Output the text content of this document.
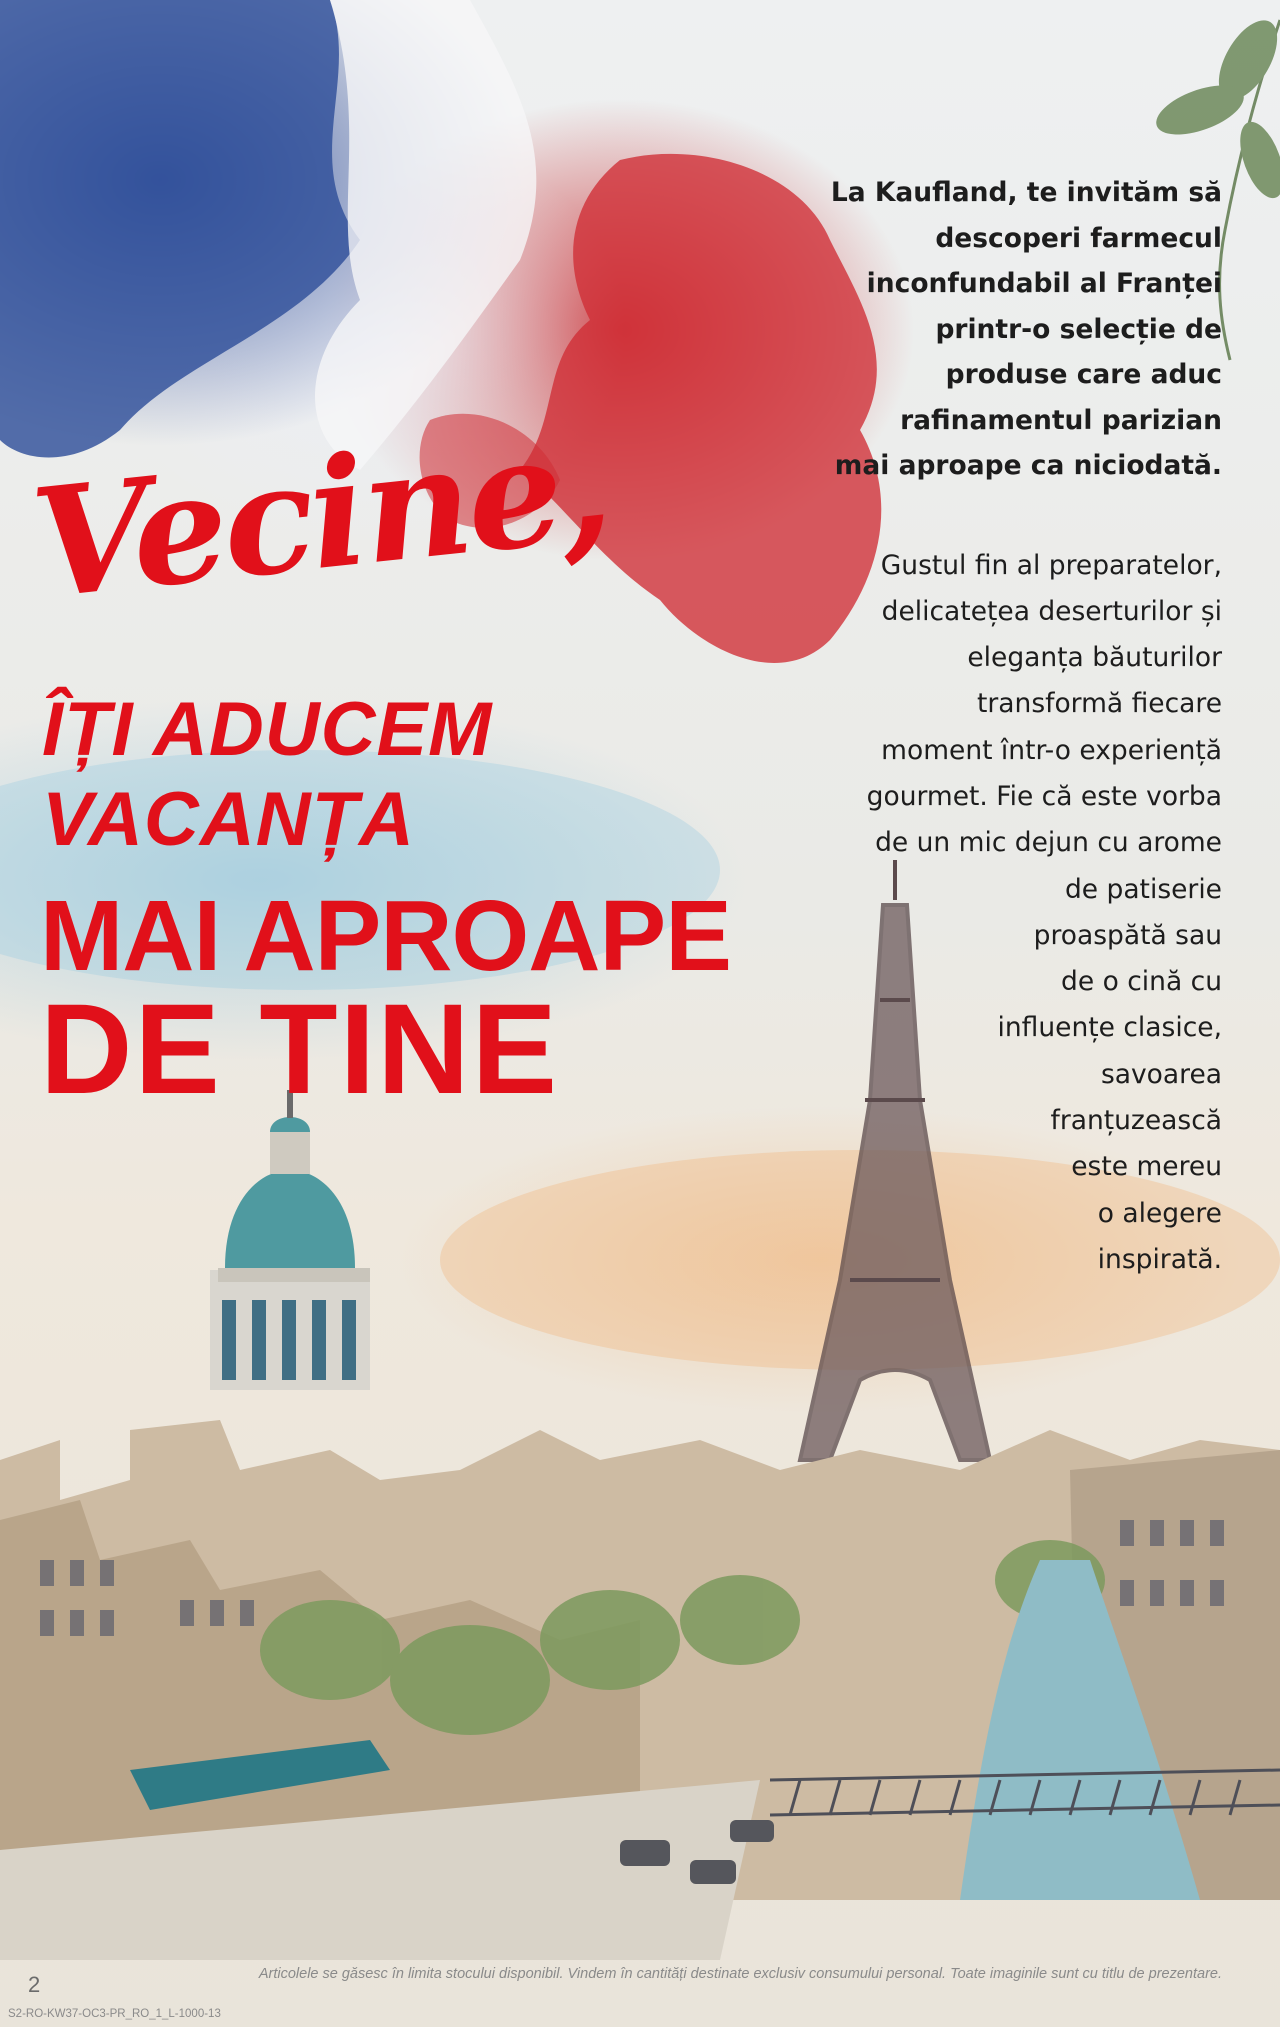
Vecine,
ÎȚI ADUCEM
VACANȚA
MAI APROAPE
DE TINE

La Kaufland, te invităm să
descoperi farmecul
inconfundabil al Franței
printr-o selecție de
produse care aduc
rafinamentul parizian
mai aproape ca niciodată.

Gustul fin al preparatelor,
delicatețea deserturilor și
eleganța băuturilor
transformă fiecare
moment într-o experiență
gourmet. Fie că este vorba
de un mic dejun cu arome
de patiserie
proaspătă sau
de o cină cu
influențe clasice,
savoarea
franțuzească
este mereu
o alegere
inspirată.

2	Articolele se găsesc în limita stocului disponibil. Vindem în cantități destinate exclusiv consumului personal. Toate imaginile sunt cu titlu de prezentare.
S2-RO-KW37-OC3-PR_RO_1_L-1000-13
